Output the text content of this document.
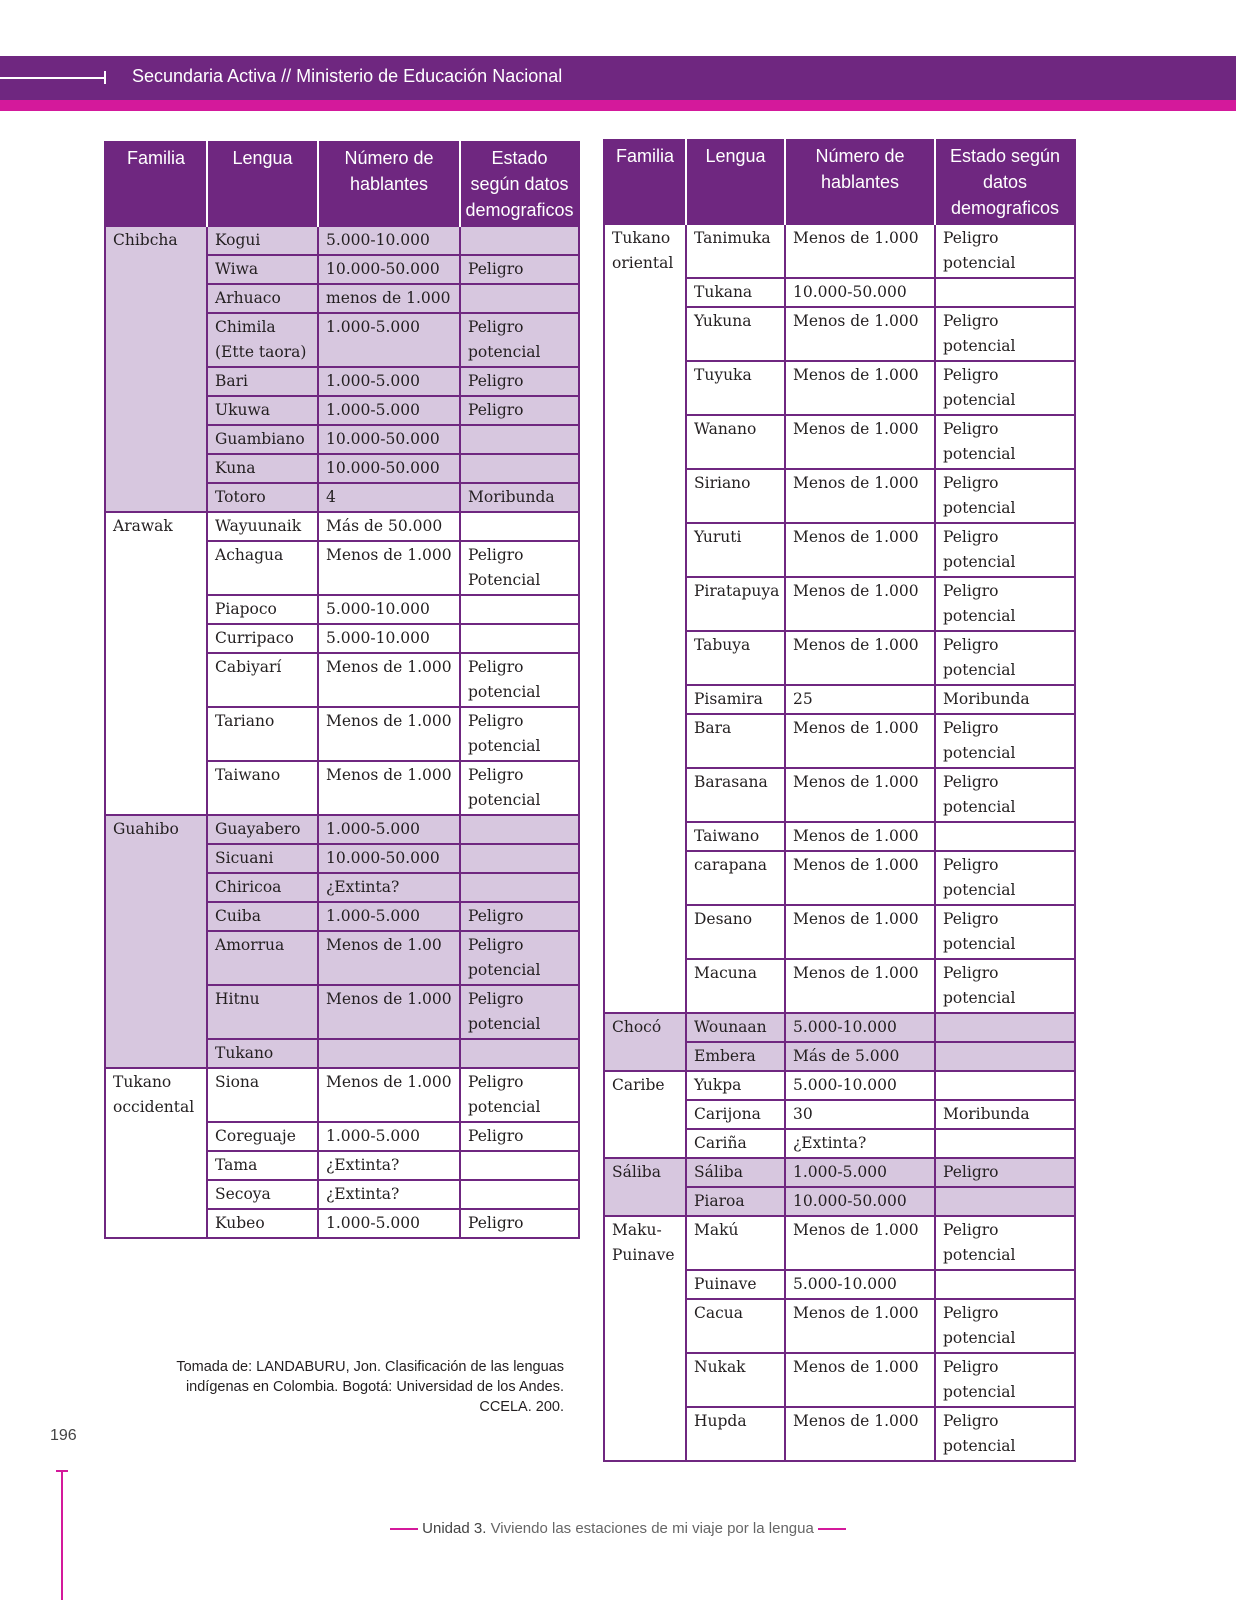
Secundaria Activa // Ministerio de Educación Nacional
Familia	Lengua	Número de hablantes	Estado según datos demograficos
Chibcha	Kogui	5.000-10.000	
	Wiwa	10.000-50.000	Peligro
	Arhuaco	menos de 1.000	
	Chimila (Ette taora)	1.000-5.000	Peligro potencial
	Bari	1.000-5.000	Peligro
	Ukuwa	1.000-5.000	Peligro
	Guambiano	10.000-50.000	
	Kuna	10.000-50.000	
	Totoro	4	Moribunda
Arawak	Wayuunaik	Más de 50.000	
	Achagua	Menos de 1.000	Peligro Potencial
	Piapoco	5.000-10.000	
	Curripaco	5.000-10.000	
	Cabiyarí	Menos de 1.000	Peligro potencial
	Tariano	Menos de 1.000	Peligro potencial
	Taiwano	Menos de 1.000	Peligro potencial
Guahibo	Guayabero	1.000-5.000	
	Sicuani	10.000-50.000	
	Chiricoa	¿Extinta?	
	Cuiba	1.000-5.000	Peligro
	Amorrua	Menos de 1.00	Peligro potencial
	Hitnu	Menos de 1.000	Peligro potencial
	Tukano		
Tukano occidental	Siona	Menos de 1.000	Peligro potencial
	Coreguaje	1.000-5.000	Peligro
	Tama	¿Extinta?	
	Secoya	¿Extinta?	
	Kubeo	1.000-5.000	Peligro
Familia	Lengua	Número de hablantes	Estado según datos demograficos
Tukano oriental	Tanimuka	Menos de 1.000	Peligro potencial
	Tukana	10.000-50.000	
	Yukuna	Menos de 1.000	Peligro potencial
	Tuyuka	Menos de 1.000	Peligro potencial
	Wanano	Menos de 1.000	Peligro potencial
	Siriano	Menos de 1.000	Peligro potencial
	Yuruti	Menos de 1.000	Peligro potencial
	Piratapuya	Menos de 1.000	Peligro potencial
	Tabuya	Menos de 1.000	Peligro potencial
	Pisamira	25	Moribunda
	Bara	Menos de 1.000	Peligro potencial
	Barasana	Menos de 1.000	Peligro potencial
	Taiwano	Menos de 1.000	
	carapana	Menos de 1.000	Peligro potencial
	Desano	Menos de 1.000	Peligro potencial
	Macuna	Menos de 1.000	Peligro potencial
Chocó	Wounaan	5.000-10.000	
	Embera	Más de 5.000	
Caribe	Yukpa	5.000-10.000	
	Carijona	30	Moribunda
	Cariña	¿Extinta?	
Sáliba	Sáliba	1.000-5.000	Peligro
	Piaroa	10.000-50.000	
Maku-Puinave	Makú	Menos de 1.000	Peligro potencial
	Puinave	5.000-10.000	
	Cacua	Menos de 1.000	Peligro potencial
	Nukak	Menos de 1.000	Peligro potencial
	Hupda	Menos de 1.000	Peligro potencial
Tomada de: LANDABURU, Jon. Clasificación de las lenguas indígenas en Colombia. Bogotá: Universidad de los Andes. CCELA. 200.
196
Unidad 3. Viviendo las estaciones de mi viaje por la lengua
